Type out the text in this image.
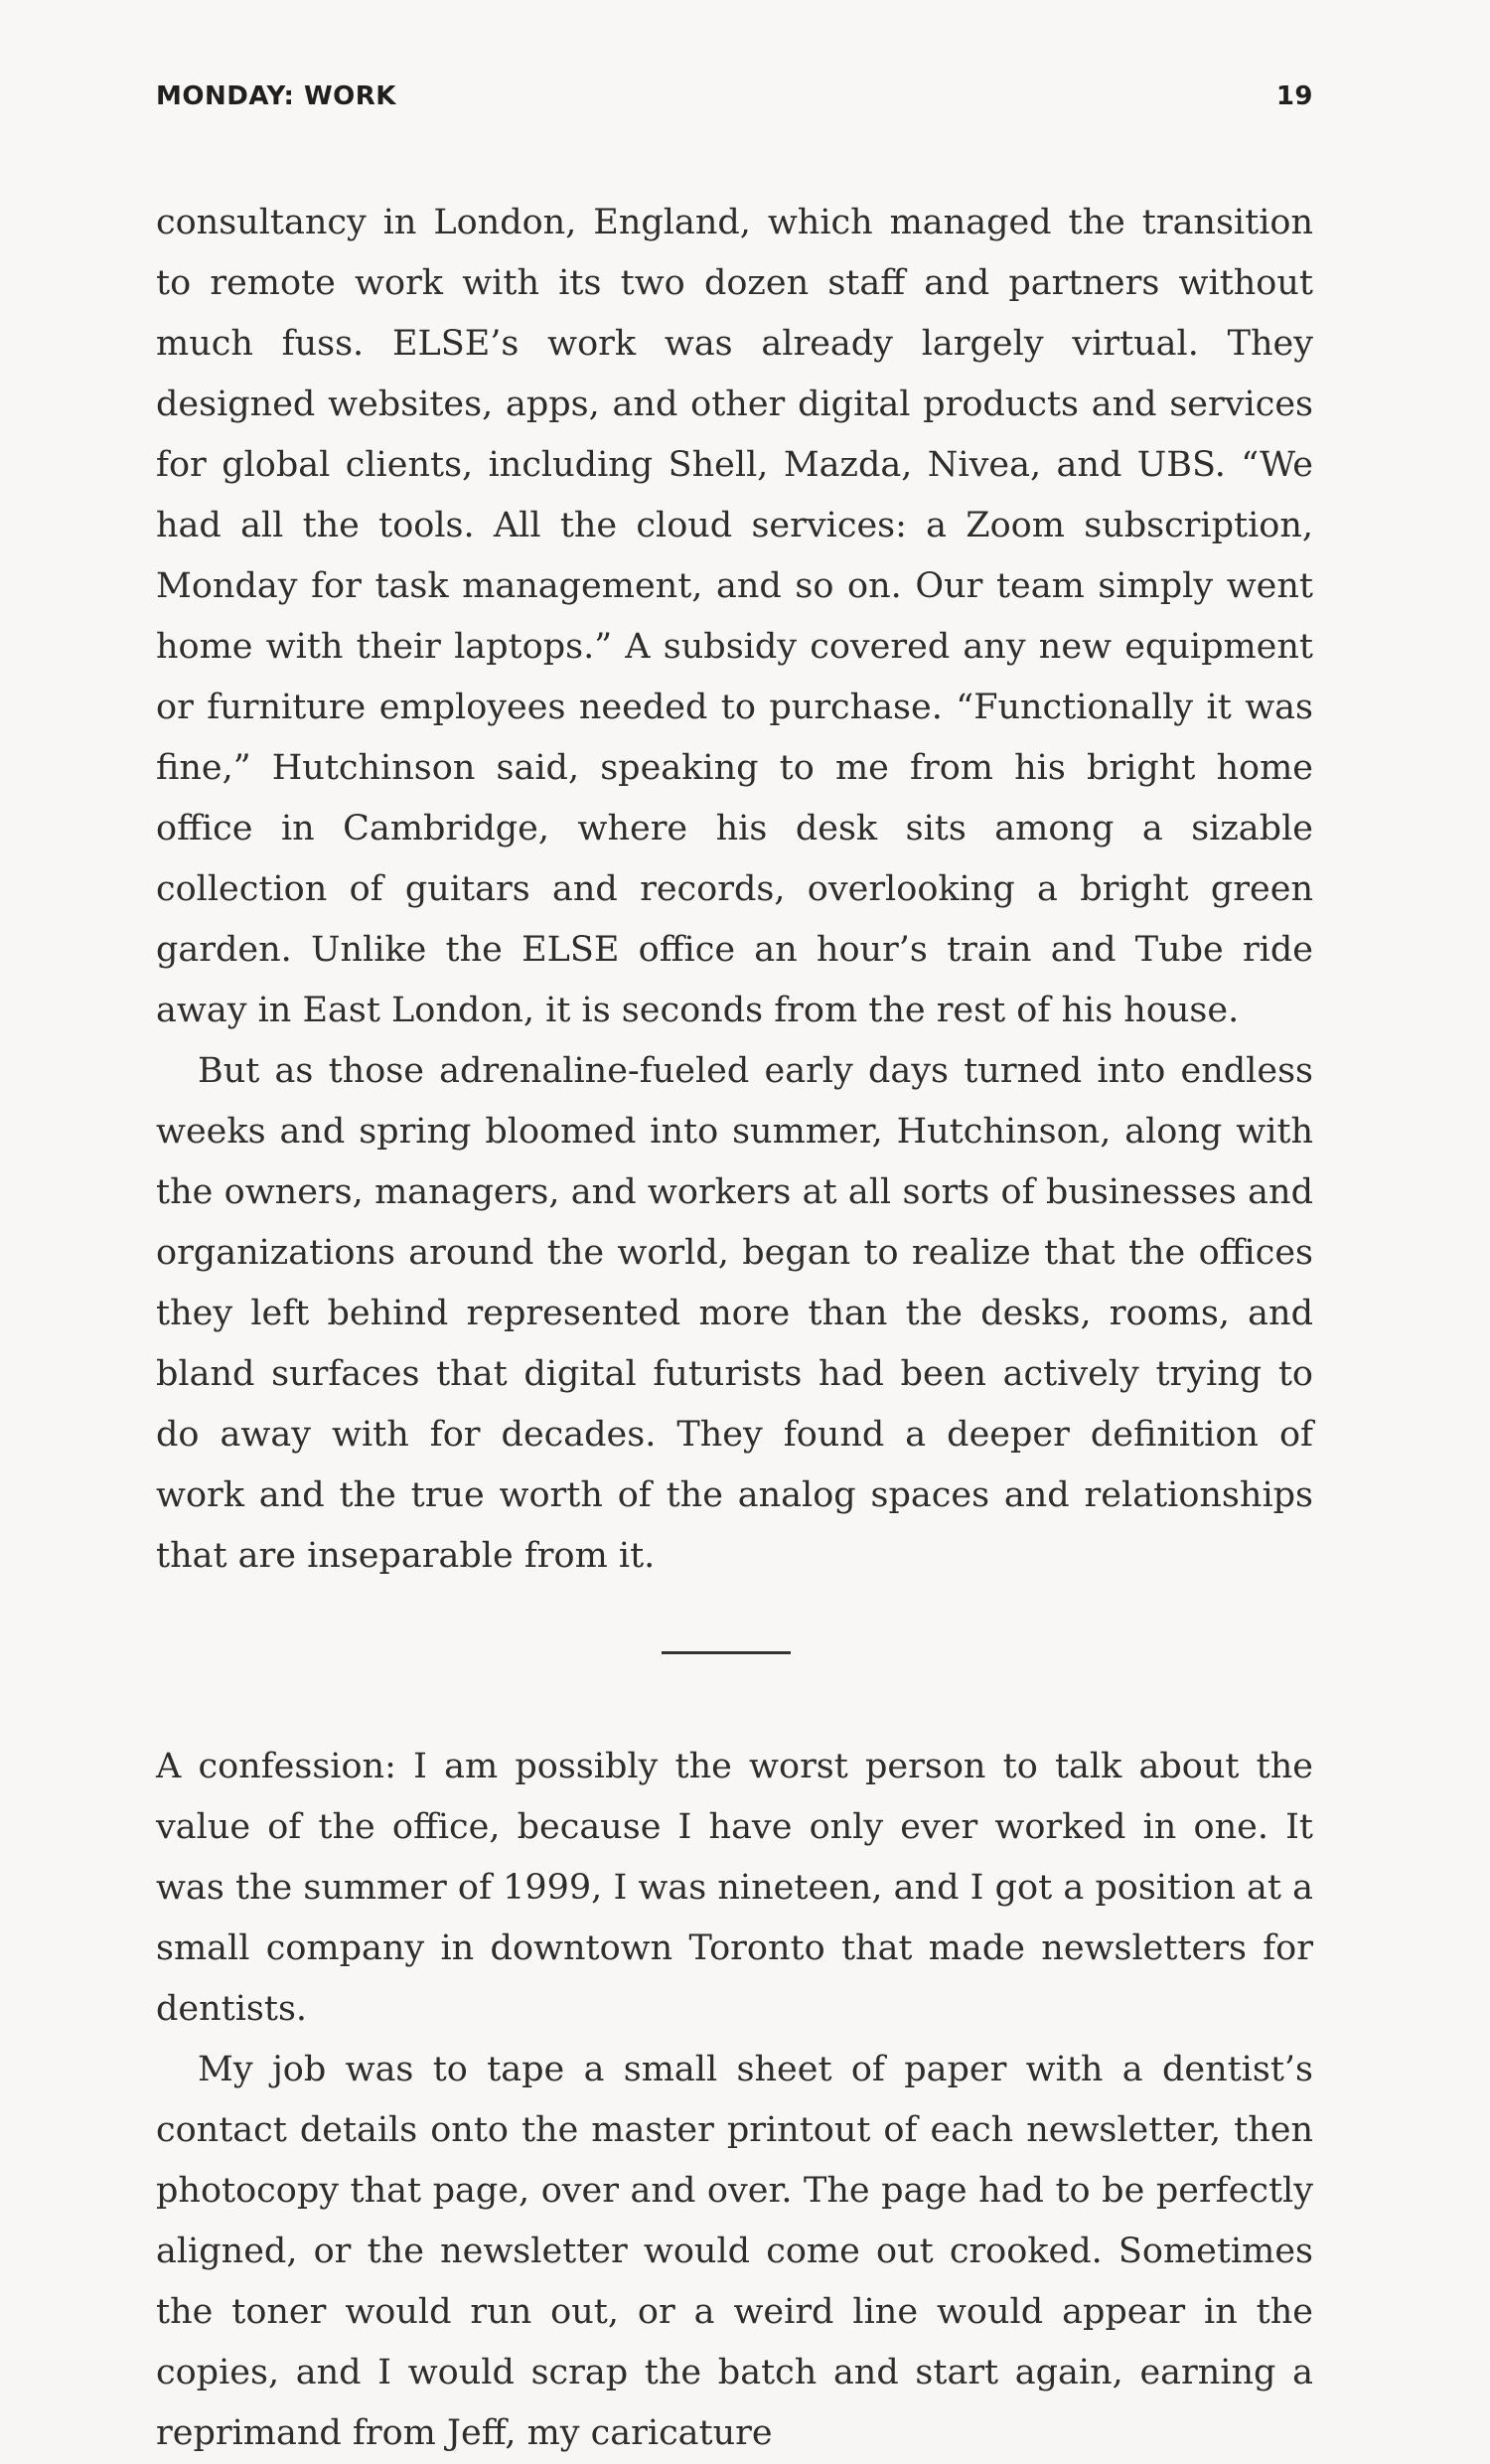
MONDAY: WORK	19

consultancy in London, England, which managed the transition to remote work with its two dozen staff and partners without much fuss. ELSE’s work was already largely virtual. They designed websites, apps, and other digital products and services for global clients, including Shell, Mazda, Nivea, and UBS. “We had all the tools. All the cloud services: a Zoom subscription, Monday for task management, and so on. Our team simply went home with their laptops.” A subsidy covered any new equipment or furniture employees needed to purchase. “Functionally it was fine,” Hutchinson said, speaking to me from his bright home office in Cambridge, where his desk sits among a sizable collection of guitars and records, overlooking a bright green garden. Unlike the ELSE office an hour’s train and Tube ride away in East London, it is seconds from the rest of his house.

But as those adrenaline-fueled early days turned into endless weeks and spring bloomed into summer, Hutchinson, along with the owners, managers, and workers at all sorts of businesses and organizations around the world, began to realize that the offices they left behind represented more than the desks, rooms, and bland surfaces that digital futurists had been actively trying to do away with for decades. They found a deeper definition of work and the true worth of the analog spaces and relationships that are inseparable from it.

A confession: I am possibly the worst person to talk about the value of the office, because I have only ever worked in one. It was the summer of 1999, I was nineteen, and I got a position at a small company in downtown Toronto that made newsletters for dentists.

My job was to tape a small sheet of paper with a dentist’s contact details onto the master printout of each newsletter, then photocopy that page, over and over. The page had to be perfectly aligned, or the newsletter would come out crooked. Sometimes the toner would run out, or a weird line would appear in the copies, and I would scrap the batch and start again, earning a reprimand from Jeff, my caricature
